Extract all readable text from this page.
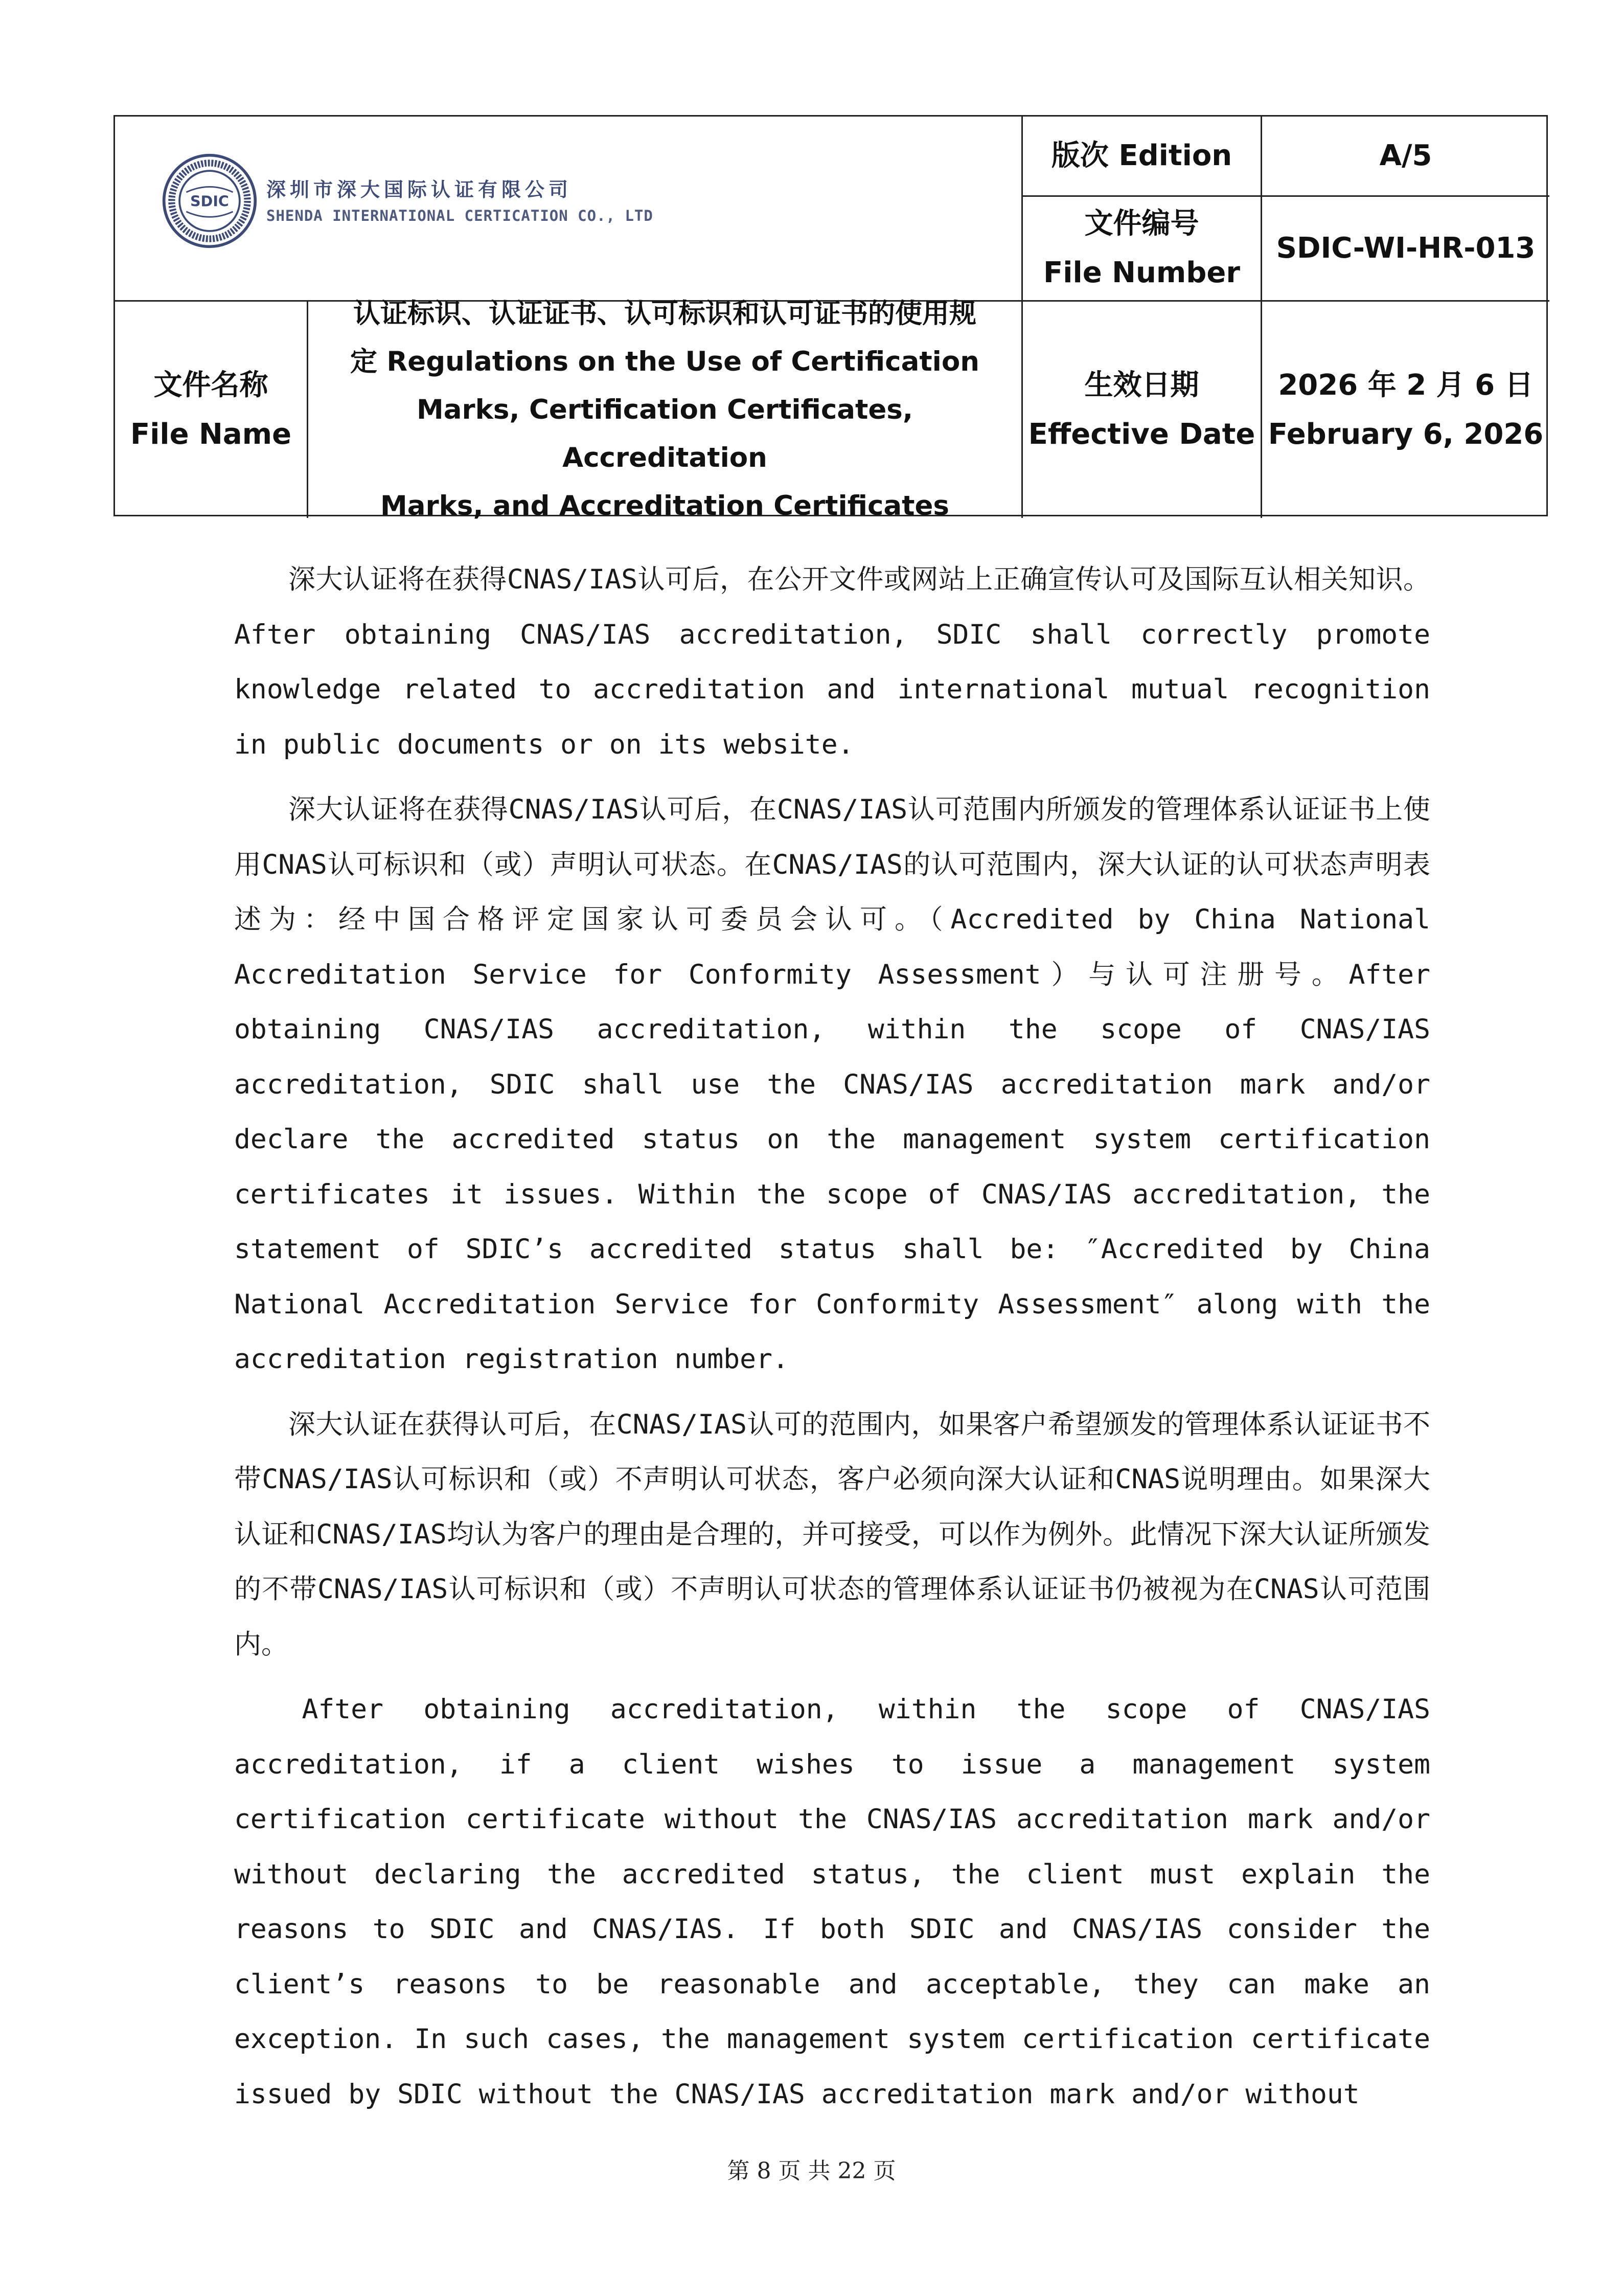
SDIC
深圳市深大国际认证有限公司
SHENDA INTERNATIONAL CERTICATION CO., LTD
版次 Edition	A/5
文件编号
File Number
SDIC-WI-HR-013
文件名称
File Name
认证标识、认证证书、认可标识和认可证书的使用规
定 Regulations on the Use of Certification
Marks, Certification Certificates, Accreditation
Marks, and Accreditation Certificates
生效日期
Effective Date
2026 年 2 月 6 日
February 6, 2026

深大认证将在获得CNAS/IAS认可后，在公开文件或网站上正确宣传认可及国际互认相关知识。After obtaining CNAS/IAS accreditation, SDIC shall correctly promote knowledge related to accreditation and international mutual recognition in public documents or on its website.

深大认证将在获得CNAS/IAS认可后，在CNAS/IAS认可范围内所颁发的管理体系认证证书上使用CNAS认可标识和（或）声明认可状态。在CNAS/IAS的认可范围内，深大认证的认可状态声明表述为：经中国合格评定国家认可委员会认可。（Accredited by China National Accreditation Service for Conformity Assessment）与认可注册号。After obtaining CNAS/IAS accreditation, within the scope of CNAS/IAS accreditation, SDIC shall use the CNAS/IAS accreditation mark and/or declare the accredited status on the management system certification certificates it issues. Within the scope of CNAS/IAS accreditation, the statement of SDIC’s accredited status shall be: ″Accredited by China National Accreditation Service for Conformity Assessment″ along with the accreditation registration number.

深大认证在获得认可后，在CNAS/IAS认可的范围内，如果客户希望颁发的管理体系认证证书不带CNAS/IAS认可标识和（或）不声明认可状态，客户必须向深大认证和CNAS说明理由。如果深大认证和CNAS/IAS均认为客户的理由是合理的，并可接受，可以作为例外。此情况下深大认证所颁发的不带CNAS/IAS认可标识和（或）不声明认可状态的管理体系认证证书仍被视为在CNAS认可范围内。

After obtaining accreditation, within the scope of CNAS/IAS accreditation, if a client wishes to issue a management system certification certificate without the CNAS/IAS accreditation mark and/or without declaring the accredited status, the client must explain the reasons to SDIC and CNAS/IAS. If both SDIC and CNAS/IAS consider the client’s reasons to be reasonable and acceptable, they can make an exception. In such cases, the management system certification certificate issued by SDIC without the CNAS/IAS accreditation mark and/or without

第 8 页 共 22 页
